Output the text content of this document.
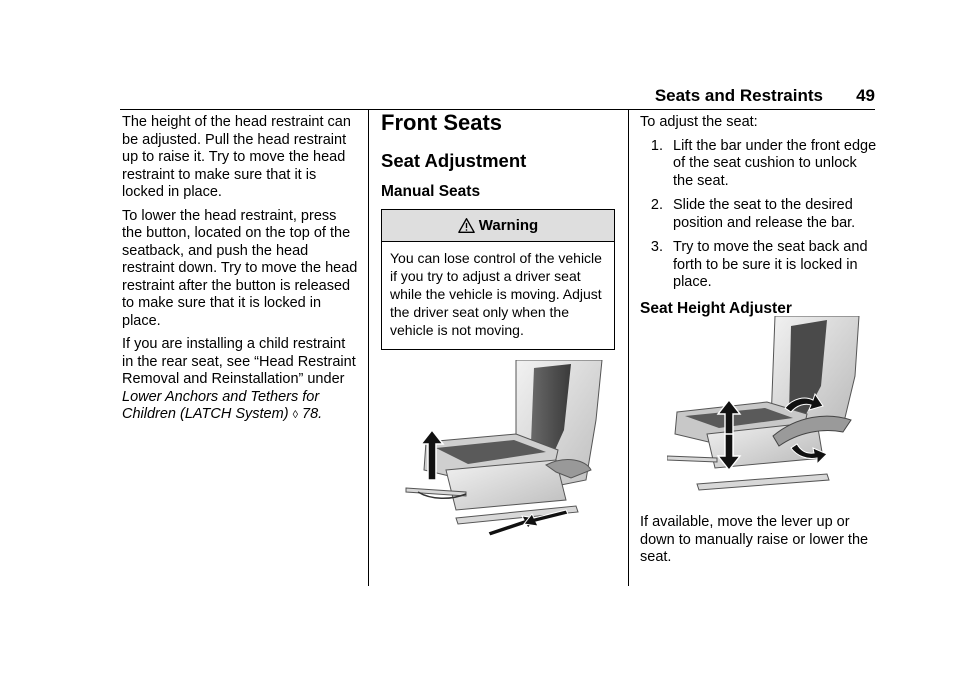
Seats and Restraints 49

The height of the head restraint can be adjusted. Pull the head restraint up to raise it. Try to move the head restraint to make sure that it is locked in place.

To lower the head restraint, press the button, located on the top of the seatback, and push the head restraint down. Try to move the head restraint after the button is released to make sure that it is locked in place.

If you are installing a child restraint in the rear seat, see “Head Restraint Removal and Reinstallation” under Lower Anchors and Tethers for Children (LATCH System) ◊ 78.

Front Seats
Seat Adjustment
Manual Seats
Warning
You can lose control of the vehicle if you try to adjust a driver seat while the vehicle is moving. Adjust the driver seat only when the vehicle is not moving.

To adjust the seat:

1. Lift the bar under the front edge of the seat cushion to unlock the seat.
2. Slide the seat to the desired position and release the bar.
3. Try to move the seat back and forth to be sure it is locked in place.
Seat Height Adjuster
If available, move the lever up or down to manually raise or lower the seat.
